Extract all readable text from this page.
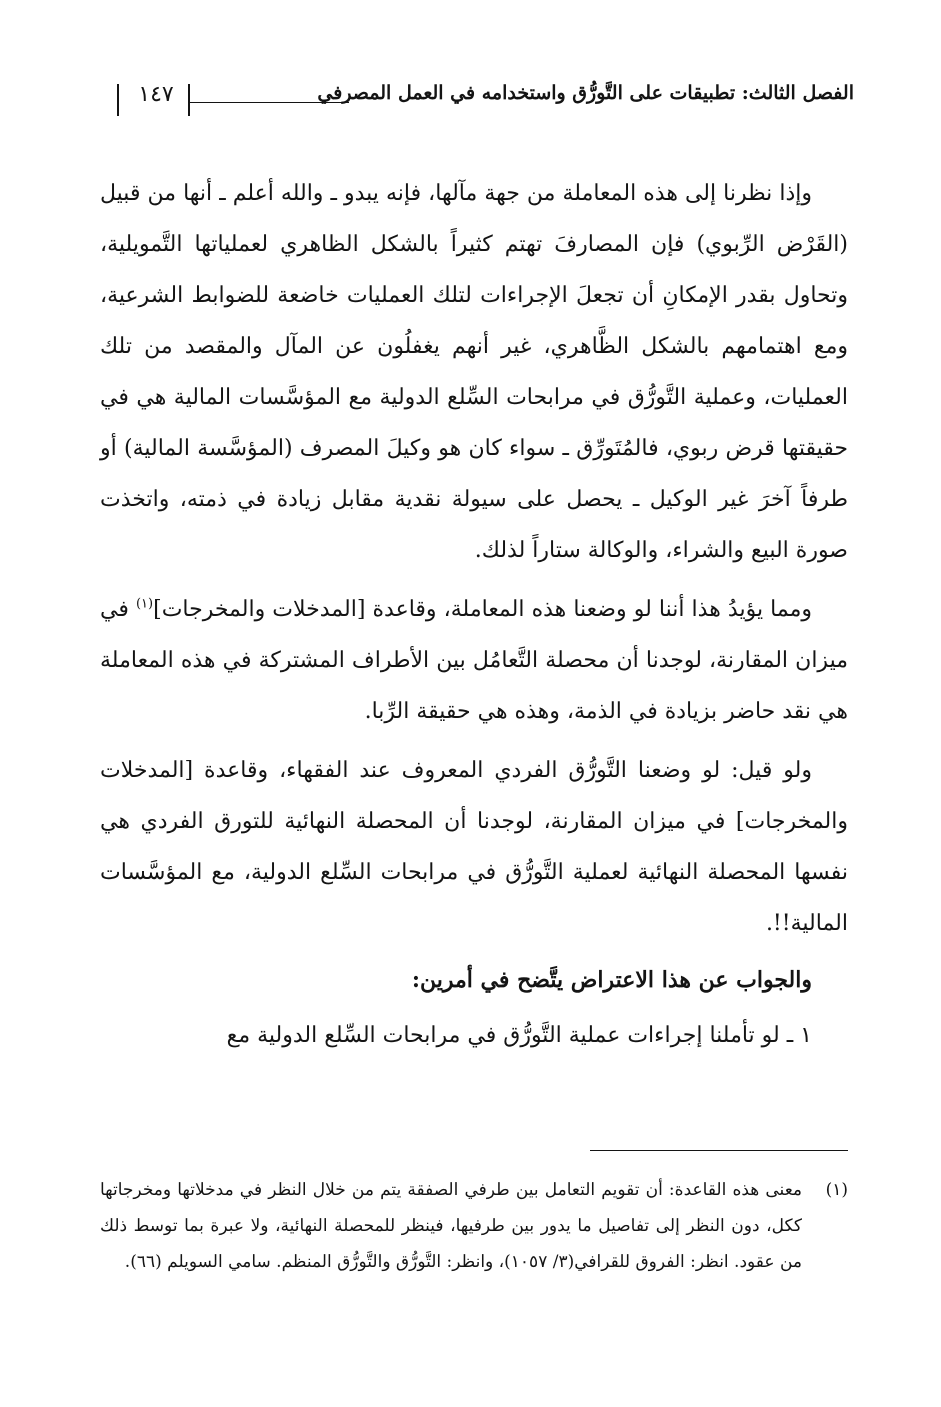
الفصل الثالث: تطبيقات على التَّورُّق واستخدامه في العمل المصرفي
١٤٧

وإذا نظرنا إلى هذه المعاملة من جهة مآلها، فإنه يبدو ـ والله أعلم ـ أنها من قبيل (القَرْض الرِّبوي) فإن المصارفَ تهتم كثيراً بالشكل الظاهري لعملياتها التَّمويلية، وتحاول بقدر الإمكانِ أن تجعلَ الإجراءات لتلك العمليات خاضعة للضوابط الشرعية، ومع اهتمامهم بالشكل الظَّاهري، غير أنهم يغفلُون عن المآل والمقصد من تلك العمليات، وعملية التَّورُّق في مرابحات السِّلع الدولية مع المؤسَّسات المالية هي في حقيقتها قرض ربوي، فالمُتَورِّق ـ سواء كان هو وكيلَ المصرف (المؤسَّسة المالية) أو طرفاً آخرَ غير الوكيل ـ يحصل على سيولة نقدية مقابل زيادة في ذمته، واتخذت صورة البيع والشراء، والوكالة ستاراً لذلك.

ومما يؤيدُ هذا أننا لو وضعنا هذه المعاملة، وقاعدة [المدخلات والمخرجات]$^{(١)}$ في ميزان المقارنة، لوجدنا أن محصلة التَّعامُل بين الأطراف المشتركة في هذه المعاملة هي نقد حاضر بزيادة في الذمة، وهذه هي حقيقة الرِّبا.

ولو قيل: لو وضعنا التَّورُّق الفردي المعروف عند الفقهاء، وقاعدة [المدخلات والمخرجات] في ميزان المقارنة، لوجدنا أن المحصلة النهائية للتورق الفردي هي نفسها المحصلة النهائية لعملية التَّورُّق في مرابحات السِّلع الدولية، مع المؤسَّسات المالية!!.

والجواب عن هذا الاعتراض يتَّضح في أمرين:

١ ـ لو تأملنا إجراءات عملية التَّورُّق في مرابحات السِّلع الدولية مع

(١)
معنى هذه القاعدة: أن تقويم التعامل بين طرفي الصفقة يتم من خلال النظر في مدخلاتها ومخرجاتها ككل، دون النظر إلى تفاصيل ما يدور بين طرفيها، فينظر للمحصلة النهائية، ولا عبرة بما توسط ذلك من عقود. انظر: الفروق للقرافي(٣/ ١٠٥٧)، وانظر: التَّورُّق والتَّورُّق المنظم. سامي السويلم (٦٦).
